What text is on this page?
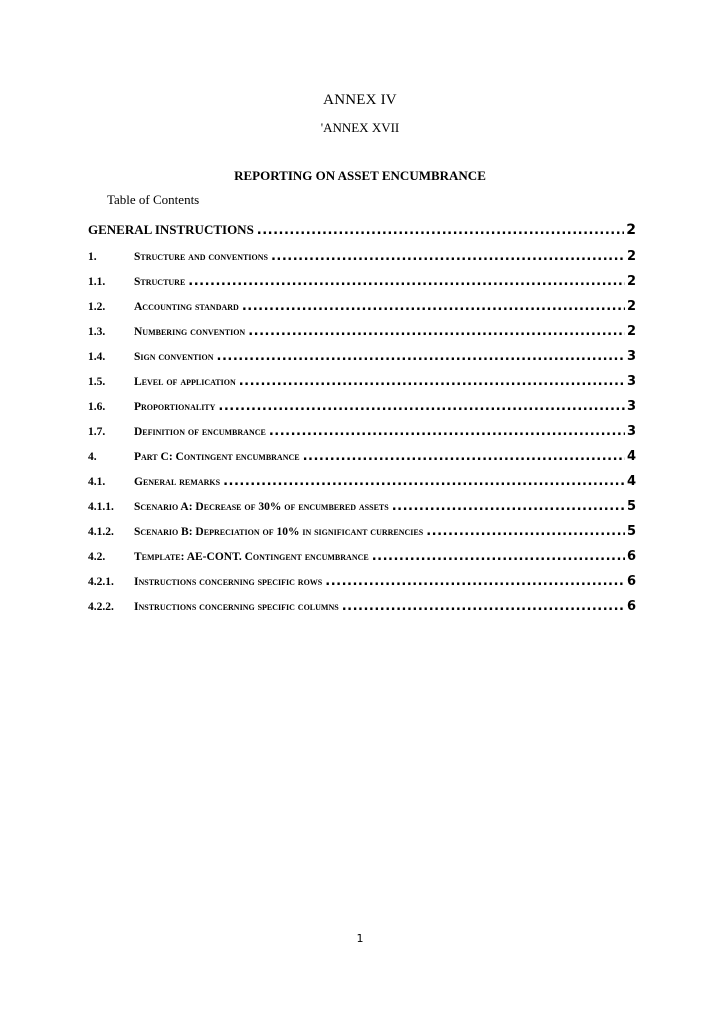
ANNEX IV
'ANNEX XVII
REPORTING ON ASSET ENCUMBRANCE
Table of Contents
GENERAL INSTRUCTIONS .....	2
1.	Structure and conventions .....	2
1.1.	Structure .....	2
1.2.	Accounting standard .....	2
1.3.	Numbering convention .....	2
1.4.	Sign convention .....	3
1.5.	Level of application .....	3
1.6.	Proportionality .....	3
1.7.	Definition of encumbrance .....	3
4.	Part C: Contingent encumbrance .....	4
4.1.	General remarks .....	4
4.1.1.	Scenario A: Decrease of 30% of encumbered assets .....	5
4.1.2.	Scenario B: Depreciation of 10% in significant currencies .....	5
4.2.	Template: AE-CONT. Contingent encumbrance .....	6
4.2.1.	Instructions concerning specific rows .....	6
4.2.2.	Instructions concerning specific columns .....	6
1
